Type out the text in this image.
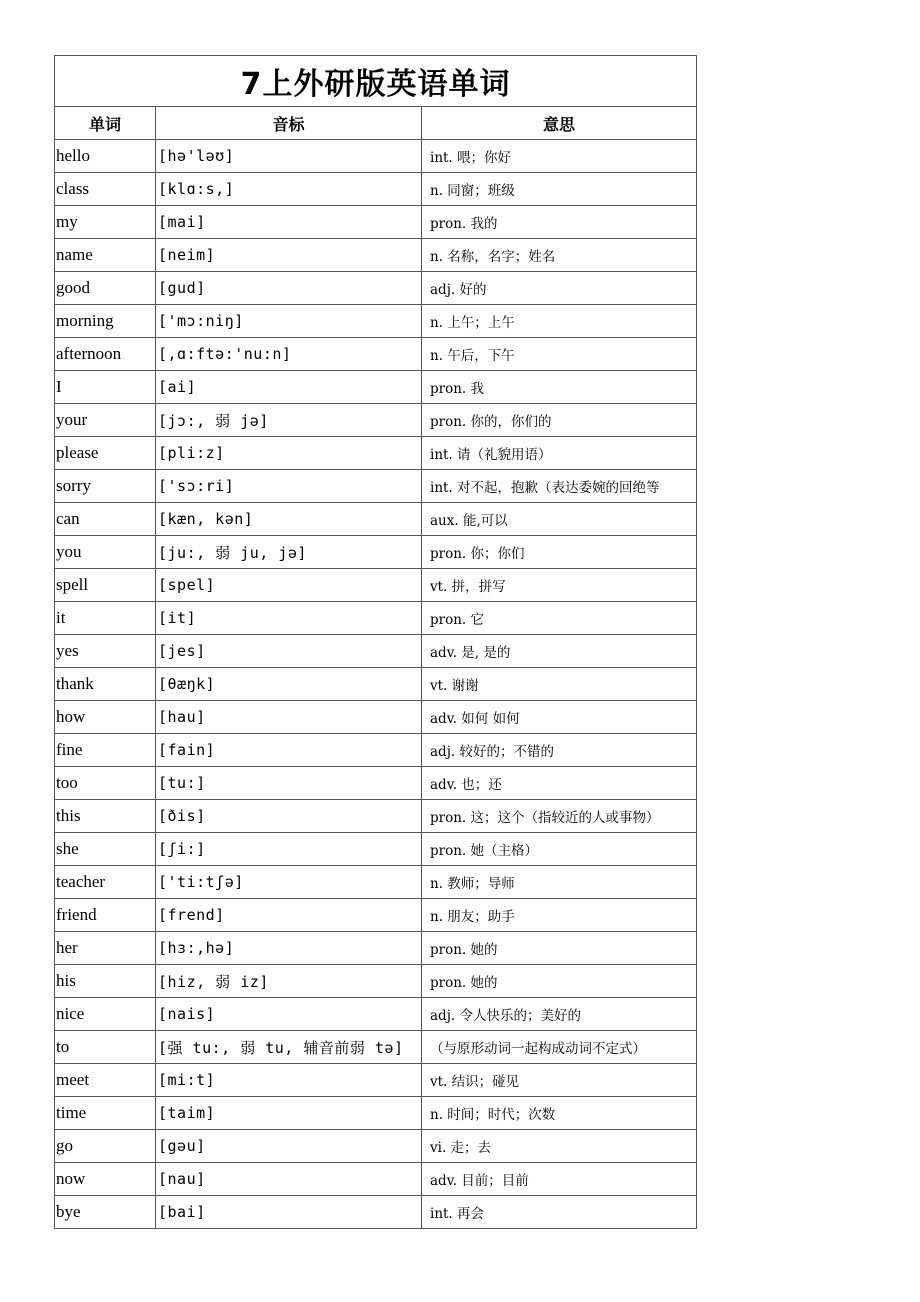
7上外研版英语单词		
单词	音标	意思
hello	[hə'ləʊ]	int. 喂；你好
class	[klɑ:s,]	n. 同窗；班级
my	[mai]	pron. 我的
name	[neim]	n. 名称，名字；姓名
good	[gud]	adj. 好的
morning	['mɔ:niŋ]	n. 上午；上午
afternoon	[,ɑ:ftə:'nu:n]	n. 午后，下午
I	[ai]	pron. 我
your	[jɔ:, 弱 jə]	pron. 你的，你们的
please	[pli:z]	int. 请（礼貌用语）
sorry	['sɔ:ri]	int. 对不起，抱歉（表达委婉的回绝等
can	[kæn, kən]	aux. 能,可以
you	[ju:, 弱 ju, jə]	pron. 你；你们
spell	[spel]	vt. 拼，拼写
it	[it]	pron. 它
yes	[jes]	adv. 是, 是的
thank	[θæŋk]	vt. 谢谢
how	[hau]	adv. 如何 如何
fine	[fain]	adj. 较好的；不错的
too	[tu:]	adv. 也；还
this	[ðis]	pron. 这；这个（指较近的人或事物）
she	[ʃi:]	pron. 她（主格）
teacher	['ti:tʃə]	n. 教师；导师
friend	[frend]	n. 朋友；助手
her	[hɜ:,hə]	pron. 她的
his	[hiz, 弱 iz]	pron. 她的
nice	[nais]	adj. 令人快乐的；美好的
to	[强 tu:, 弱 tu, 辅音前弱 tə]	（与原形动词一起构成动词不定式）
meet	[mi:t]	vt. 结识；碰见
time	[taim]	n. 时间；时代；次数
go	[gəu]	vi. 走；去
now	[nau]	adv. 目前；目前
bye	[bai]	int. 再会
